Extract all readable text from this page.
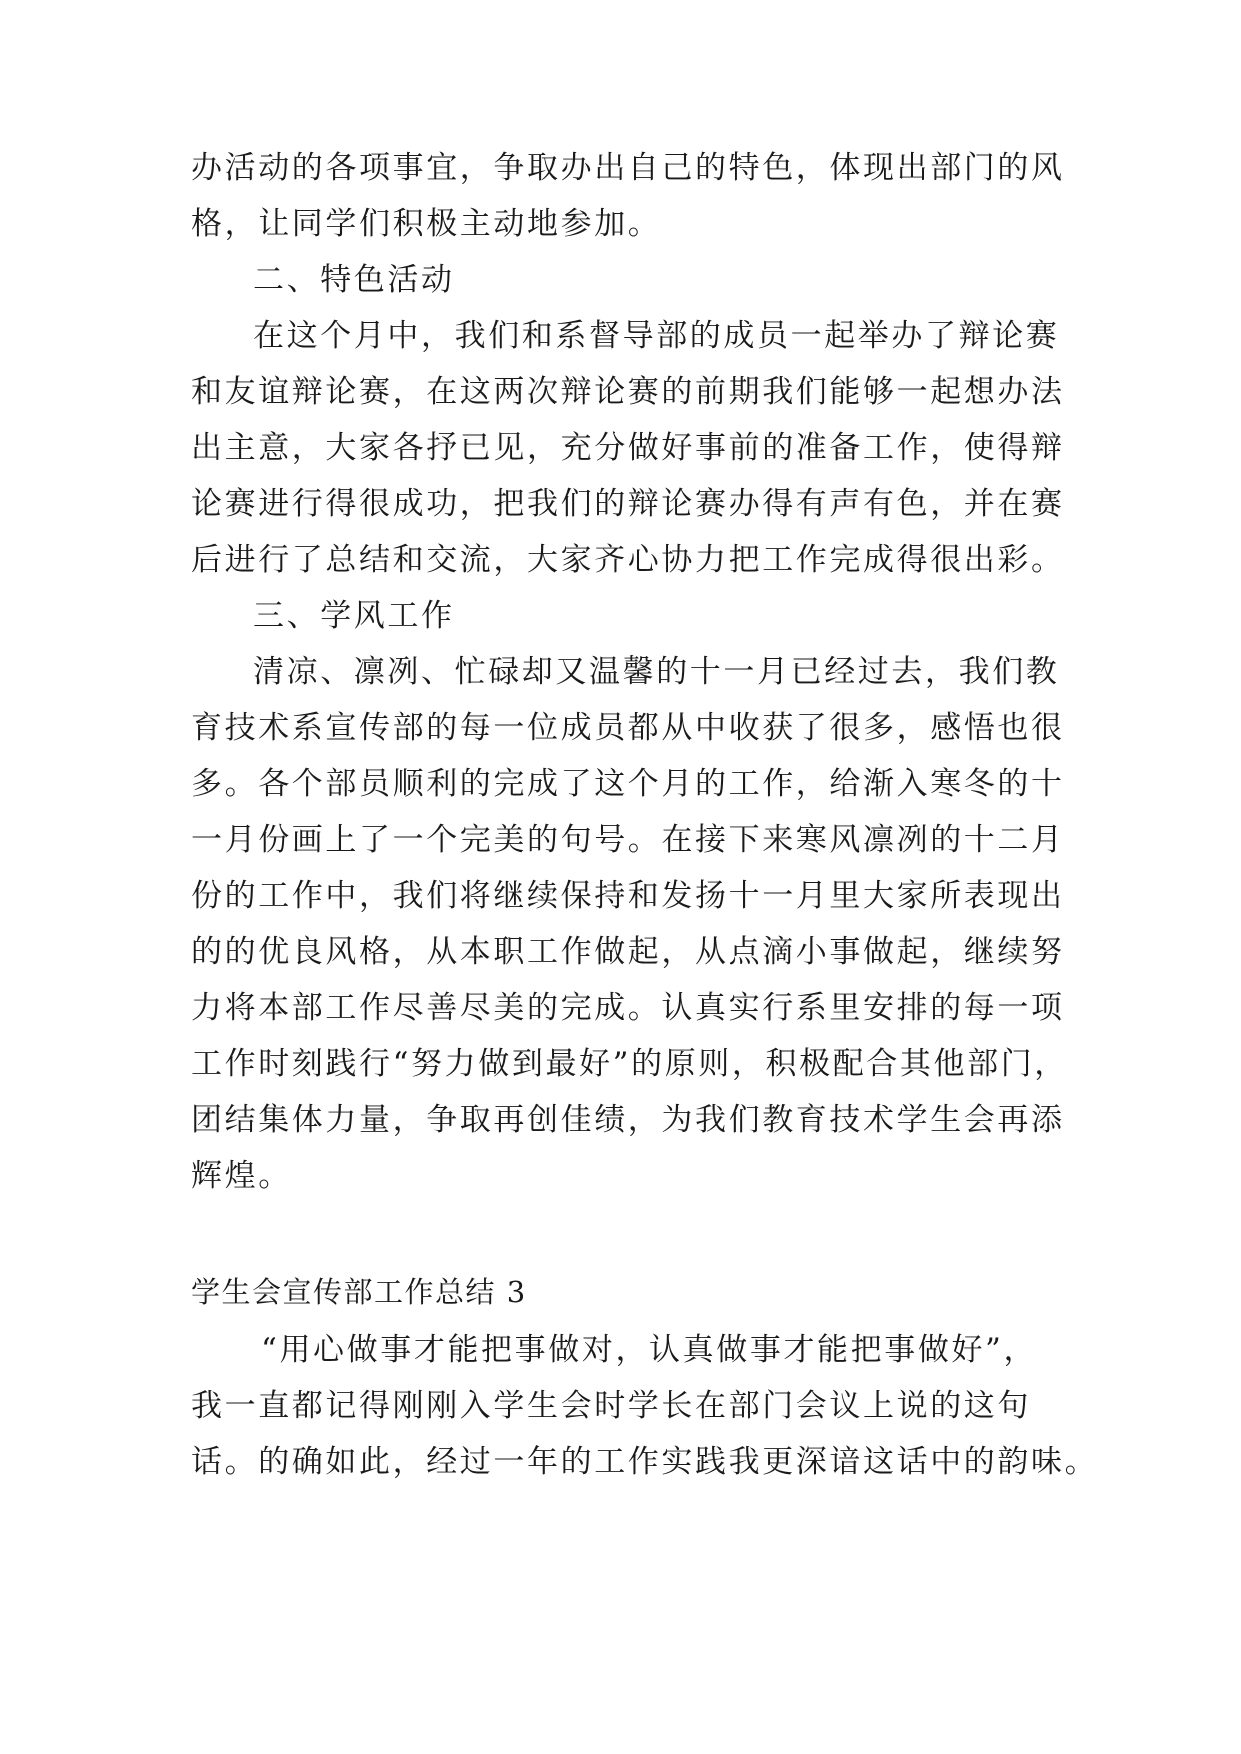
办活动的各项事宜，争取办出自己的特色，体现出部门的风

格，让同学们积极主动地参加。

二、特色活动

在这个月中，我们和系督导部的成员一起举办了辩论赛

和友谊辩论赛，在这两次辩论赛的前期我们能够一起想办法

出主意，大家各抒已见，充分做好事前的准备工作，使得辩

论赛进行得很成功，把我们的辩论赛办得有声有色，并在赛

后进行了总结和交流，大家齐心协力把工作完成得很出彩。

三、学风工作

清凉、凛冽、忙碌却又温馨的十一月已经过去，我们教

育技术系宣传部的每一位成员都从中收获了很多，感悟也很

多。各个部员顺利的完成了这个月的工作，给渐入寒冬的十

一月份画上了一个完美的句号。在接下来寒风凛冽的十二月

份的工作中，我们将继续保持和发扬十一月里大家所表现出

的的优良风格，从本职工作做起，从点滴小事做起，继续努

力将本部工作尽善尽美的完成。认真实行系里安排的每一项

工作时刻践行“努力做到最好”的原则，积极配合其他部门，

团结集体力量，争取再创佳绩，为我们教育技术学生会再添

辉煌。

学生会宣传部工作总结 3

“用心做事才能把事做对，认真做事才能把事做好”，

我一直都记得刚刚入学生会时学长在部门会议上说的这句

话。的确如此，经过一年的工作实践我更深谙这话中的韵味。
